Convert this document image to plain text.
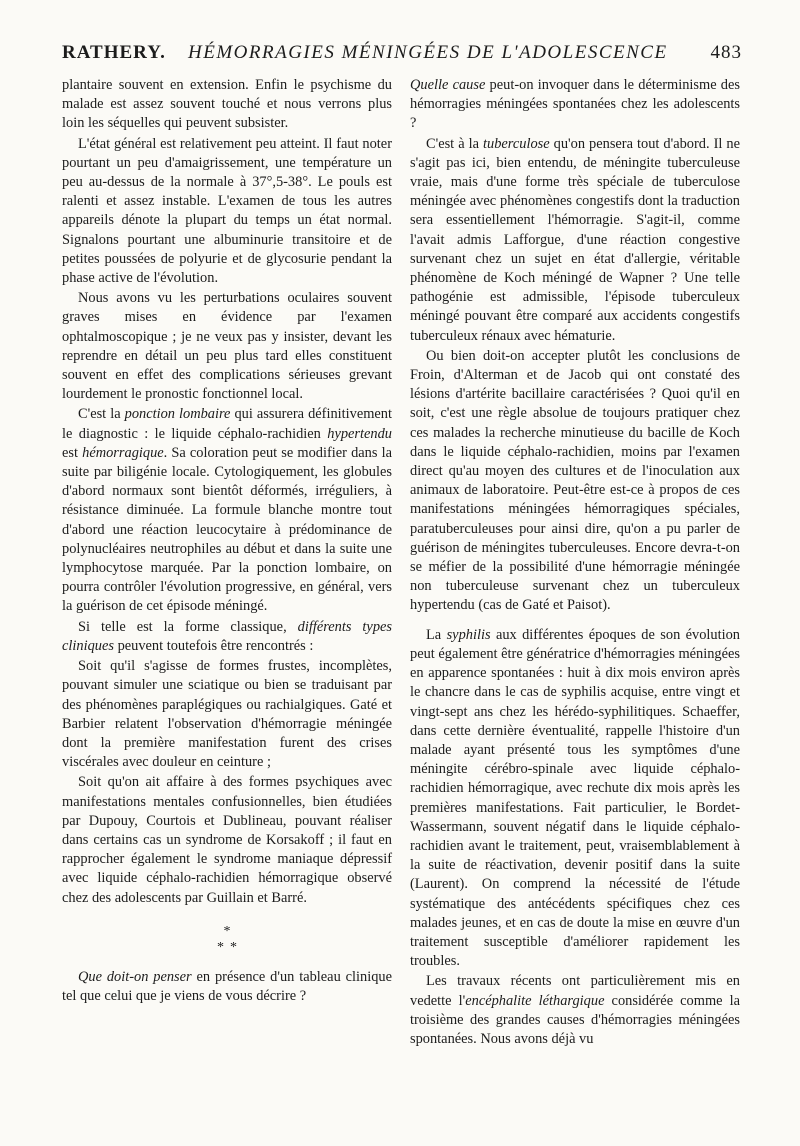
RATHERY. HÉMORRAGIES MÉNINGÉES DE L'ADOLESCENCE 483

plantaire souvent en extension. Enfin le psychisme du malade est assez souvent touché et nous verrons plus loin les séquelles qui peuvent subsister.

L'état général est relativement peu atteint. Il faut noter pourtant un peu d'amaigrissement, une température un peu au-dessus de la normale à 37°,5-38°. Le pouls est ralenti et assez instable. L'examen de tous les autres appareils dénote la plupart du temps un état normal. Signalons pourtant une albuminurie transitoire et de petites poussées de polyurie et de glycosurie pendant la phase active de l'évolution.

Nous avons vu les perturbations oculaires souvent graves mises en évidence par l'examen ophtalmoscopique ; je ne veux pas y insister, devant les reprendre en détail un peu plus tard elles constituent souvent en effet des complications sérieuses grevant lourdement le pronostic fonctionnel local.

C'est la ponction lombaire qui assurera définitivement le diagnostic : le liquide céphalo-rachidien hypertendu est hémorragique. Sa coloration peut se modifier dans la suite par biligénie locale. Cytologiquement, les globules d'abord normaux sont bientôt déformés, irréguliers, à résistance diminuée. La formule blanche montre tout d'abord une réaction leucocytaire à prédominance de polynucléaires neutrophiles au début et dans la suite une lymphocytose marquée. Par la ponction lombaire, on pourra contrôler l'évolution progressive, en général, vers la guérison de cet épisode méningé.

Si telle est la forme classique, différents types cliniques peuvent toutefois être rencontrés :

Soit qu'il s'agisse de formes frustes, incomplètes, pouvant simuler une sciatique ou bien se traduisant par des phénomènes paraplégiques ou rachialgiques. Gaté et Barbier relatent l'observation d'hémorragie méningée dont la première manifestation furent des crises viscérales avec douleur en ceinture ;

Soit qu'on ait affaire à des formes psychiques avec manifestations mentales confusionnelles, bien étudiées par Dupouy, Courtois et Dublineau, pouvant réaliser dans certains cas un syndrome de Korsakoff ; il faut en rapprocher également le syndrome maniaque dépressif avec liquide céphalo-rachidien hémorragique observé chez des adolescents par Guillain et Barré.

*
**

Que doit-on penser en présence d'un tableau clinique tel que celui que je viens de vous décrire ?

Quelle cause peut-on invoquer dans le déterminisme des hémorragies méningées spontanées chez les adolescents ?

C'est à la tuberculose qu'on pensera tout d'abord. Il ne s'agit pas ici, bien entendu, de méningite tuberculeuse vraie, mais d'une forme très spéciale de tuberculose méningée avec phénomènes congestifs dont la traduction sera essentiellement l'hémorragie. S'agit-il, comme l'avait admis Lafforgue, d'une réaction congestive survenant chez un sujet en état d'allergie, véritable phénomène de Koch méningé de Wapner ? Une telle pathogénie est admissible, l'épisode tuberculeux méningé pouvant être comparé aux accidents congestifs tuberculeux rénaux avec hématurie.

Ou bien doit-on accepter plutôt les conclusions de Froin, d'Alterman et de Jacob qui ont constaté des lésions d'artérite bacillaire caractérisées ? Quoi qu'il en soit, c'est une règle absolue de toujours pratiquer chez ces malades la recherche minutieuse du bacille de Koch dans le liquide céphalo-rachidien, moins par l'examen direct qu'au moyen des cultures et de l'inoculation aux animaux de laboratoire. Peut-être est-ce à propos de ces manifestations méningées hémorragiques spéciales, paratuberculeuses pour ainsi dire, qu'on a pu parler de guérison de méningites tuberculeuses. Encore devra-t-on se méfier de la possibilité d'une hémorragie méningée non tuberculeuse survenant chez un tuberculeux hypertendu (cas de Gaté et Paisot).

La syphilis aux différentes époques de son évolution peut également être génératrice d'hémorragies méningées en apparence spontanées : huit à dix mois environ après le chancre dans le cas de syphilis acquise, entre vingt et vingt-sept ans chez les hérédo-syphilitiques. Schaeffer, dans cette dernière éventualité, rappelle l'histoire d'un malade ayant présenté tous les symptômes d'une méningite cérébro-spinale avec liquide céphalo-rachidien hémorragique, avec rechute dix mois après les premières manifestations. Fait particulier, le Bordet-Wassermann, souvent négatif dans le liquide céphalo-rachidien avant le traitement, peut, vraisemblablement à la suite de réactivation, devenir positif dans la suite (Laurent). On comprend la nécessité de l'étude systématique des antécédents spécifiques chez ces malades jeunes, et en cas de doute la mise en œuvre d'un traitement susceptible d'améliorer rapidement les troubles.

Les travaux récents ont particulièrement mis en vedette l'encéphalite léthargique considérée comme la troisième des grandes causes d'hémorragies méningées spontanées. Nous avons déjà vu
